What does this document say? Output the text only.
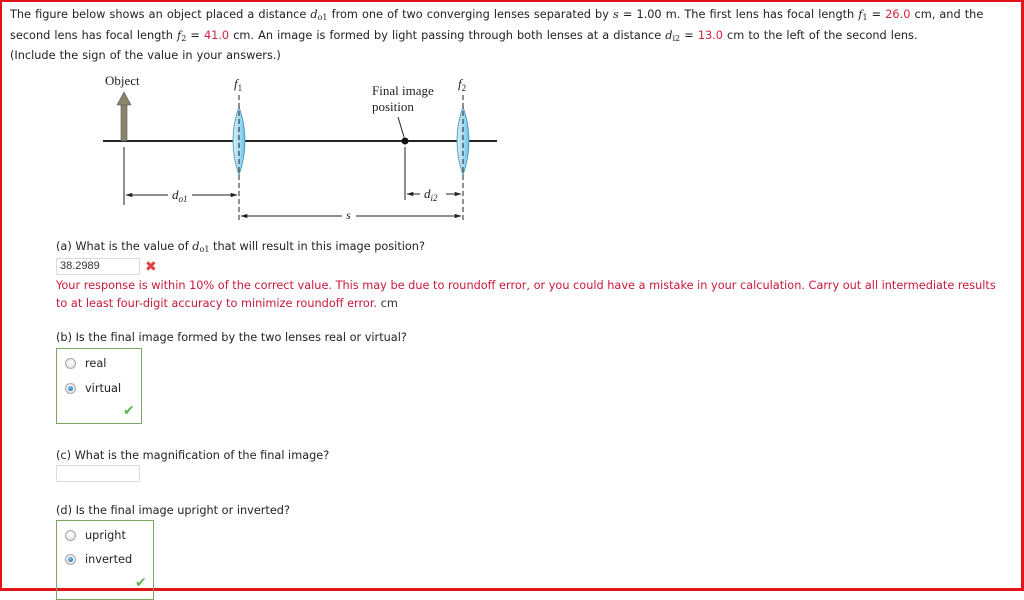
The figure below shows an object placed a distance $d_{o1}$ from one of two converging lenses separated by s = 1.00 m. The first lens has focal length $f_1 = 26.0$ cm, and the second lens has focal length $f_2 = 41.0$ cm. An image is formed by light passing through both lenses at a distance $d_{i2} = 13.0$ cm to the left of the second lens.
(Include the sign of the value in your answers.)
Object	$f_1$	$f_2$
Final image
position
$d_{o1}$	$d_{i2}$
s
(a) What is the value of $d_{o1}$ that will result in this image position?
38.2989	✖
Your response is within 10% of the correct value. This may be due to roundoff error, or you could have a mistake in your calculation. Carry out all intermediate results to at least four-digit accuracy to minimize roundoff error. cm
(b) Is the final image formed by the two lenses real or virtual?
real
virtual
✔
(c) What is the magnification of the final image?
(d) Is the final image upright or inverted?
upright
inverted
✔
